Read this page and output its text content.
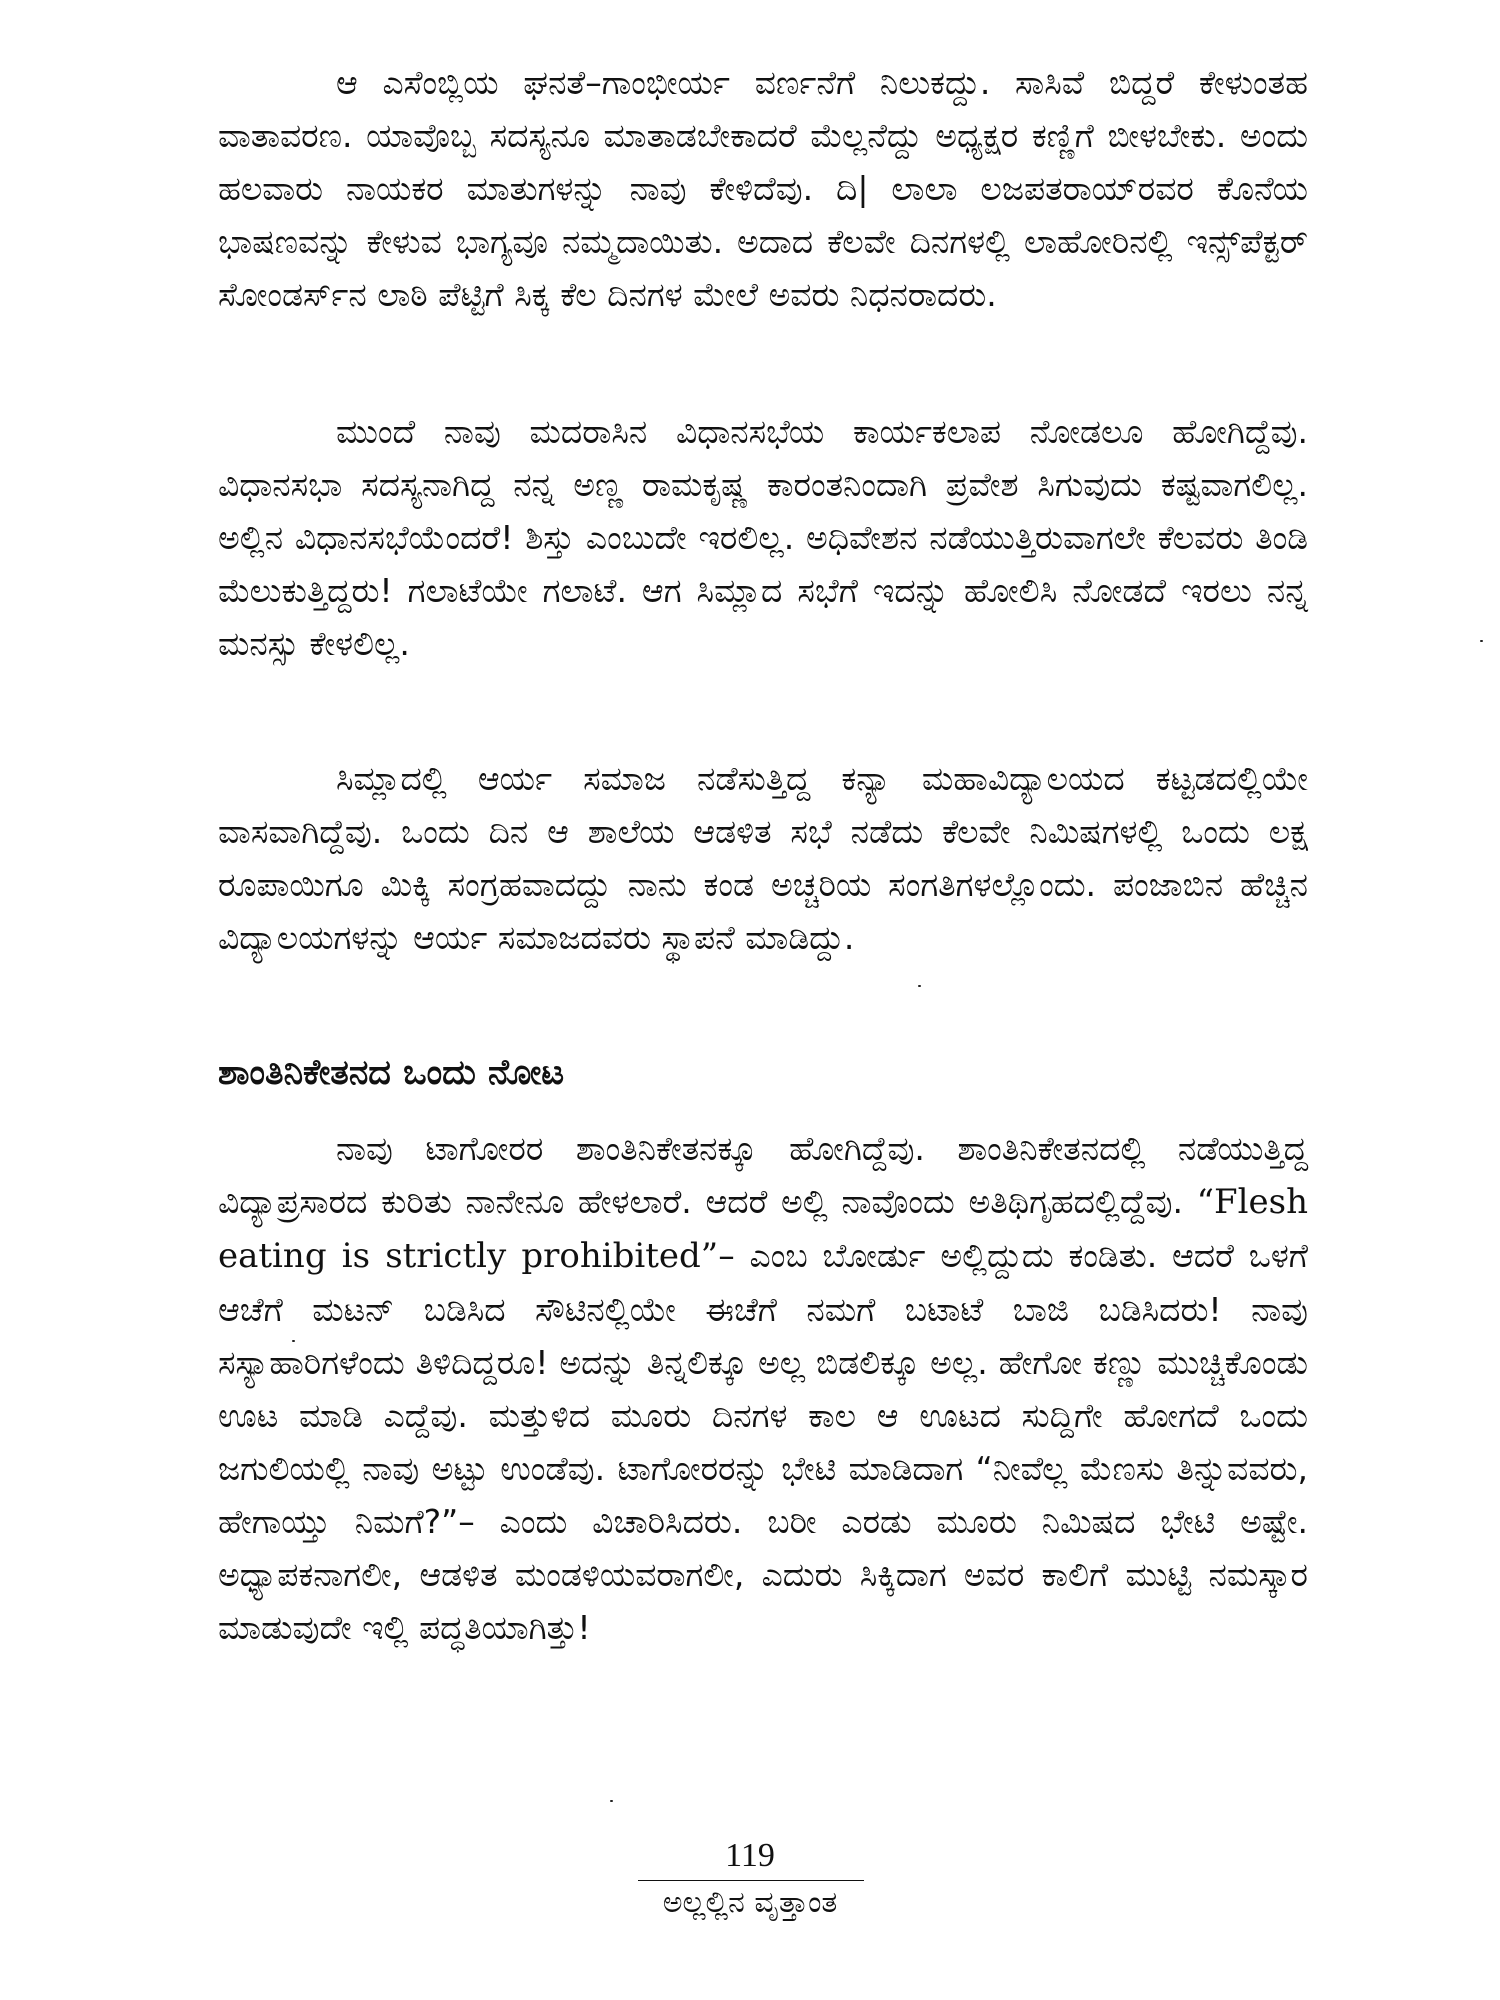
ಆ ಎಸೆಂಬ್ಲಿಯ ಘನತೆ–ಗಾಂಭೀರ್ಯ ವರ್ಣನೆಗೆ ನಿಲುಕದ್ದು. ಸಾಸಿವೆ ಬಿದ್ದರೆ ಕೇಳುಂತಹ ವಾತಾವರಣ. ಯಾವೊಬ್ಬ ಸದಸ್ಯನೂ ಮಾತಾಡಬೇಕಾದರೆ ಮೆಲ್ಲನೆದ್ದು ಅಧ್ಯಕ್ಷರ ಕಣ್ಣಿಗೆ ಬೀಳಬೇಕು. ಅಂದು ಹಲವಾರು ನಾಯಕರ ಮಾತುಗಳನ್ನು ನಾವು ಕೇಳಿದೆವು. ದಿ| ಲಾಲಾ ಲಜಪತರಾಯ್‌ರವರ ಕೊನೆಯ ಭಾಷಣವನ್ನು ಕೇಳುವ ಭಾಗ್ಯವೂ ನಮ್ಮದಾಯಿತು. ಅದಾದ ಕೆಲವೇ ದಿನಗಳಲ್ಲಿ ಲಾಹೋರಿನಲ್ಲಿ ಇನ್ಸ್‌ಪೆಕ್ಟರ್ ಸೋಂಡರ್ಸ್‌ನ ಲಾಠಿ ಪೆಟ್ಟಿಗೆ ಸಿಕ್ಕ ಕೆಲ ದಿನಗಳ ಮೇಲೆ ಅವರು ನಿಧನರಾದರು.

ಮುಂದೆ ನಾವು ಮದರಾಸಿನ ವಿಧಾನಸಭೆಯ ಕಾರ್ಯಕಲಾಪ ನೋಡಲೂ ಹೋಗಿದ್ದೆವು. ವಿಧಾನಸಭಾ ಸದಸ್ಯನಾಗಿದ್ದ ನನ್ನ ಅಣ್ಣ ರಾಮಕೃಷ್ಣ ಕಾರಂತನಿಂದಾಗಿ ಪ್ರವೇಶ ಸಿಗುವುದು ಕಷ್ಟವಾಗಲಿಲ್ಲ. ಅಲ್ಲಿನ ವಿಧಾನಸಭೆಯೆಂದರೆ! ಶಿಸ್ತು ಎಂಬುದೇ ಇರಲಿಲ್ಲ. ಅಧಿವೇಶನ ನಡೆಯುತ್ತಿರುವಾಗಲೇ ಕೆಲವರು ತಿಂಡಿ ಮೆಲುಕುತ್ತಿದ್ದರು! ಗಲಾಟೆಯೇ ಗಲಾಟೆ. ಆಗ ಸಿಮ್ಲಾದ ಸಭೆಗೆ ಇದನ್ನು ಹೋಲಿಸಿ ನೋಡದೆ ಇರಲು ನನ್ನ ಮನಸ್ಸು ಕೇಳಲಿಲ್ಲ.

ಸಿಮ್ಲಾದಲ್ಲಿ ಆರ್ಯ ಸಮಾಜ ನಡೆಸುತ್ತಿದ್ದ ಕನ್ಯಾ ಮಹಾವಿದ್ಯಾಲಯದ ಕಟ್ಟಡದಲ್ಲಿಯೇ ವಾಸವಾಗಿದ್ದೆವು. ಒಂದು ದಿನ ಆ ಶಾಲೆಯ ಆಡಳಿತ ಸಭೆ ನಡೆದು ಕೆಲವೇ ನಿಮಿಷಗಳಲ್ಲಿ ಒಂದು ಲಕ್ಷ ರೂಪಾಯಿಗೂ ಮಿಕ್ಕಿ ಸಂಗ್ರಹವಾದದ್ದು ನಾನು ಕಂಡ ಅಚ್ಚರಿಯ ಸಂಗತಿಗಳಲ್ಲೊಂದು. ಪಂಜಾಬಿನ ಹೆಚ್ಚಿನ ವಿದ್ಯಾಲಯಗಳನ್ನು ಆರ್ಯ ಸಮಾಜದವರು ಸ್ಥಾಪನೆ ಮಾಡಿದ್ದು.

ಶಾಂತಿನಿಕೇತನದ ಒಂದು ನೋಟ

ನಾವು ಟಾಗೋರರ ಶಾಂತಿನಿಕೇತನಕ್ಕೂ ಹೋಗಿದ್ದೆವು. ಶಾಂತಿನಿಕೇತನದಲ್ಲಿ ನಡೆಯುತ್ತಿದ್ದ ವಿದ್ಯಾಪ್ರಸಾರದ ಕುರಿತು ನಾನೇನೂ ಹೇಳಲಾರೆ. ಆದರೆ ಅಲ್ಲಿ ನಾವೊಂದು ಅತಿಥಿಗೃಹದಲ್ಲಿದ್ದೆವು. “Flesh eating is strictly prohibited”– ಎಂಬ ಬೋರ್ಡು ಅಲ್ಲಿದ್ದುದು ಕಂಡಿತು. ಆದರೆ ಒಳಗೆ ಆಚೆಗೆ ಮಟನ್ ಬಡಿಸಿದ ಸೌಟಿನಲ್ಲಿಯೇ ಈಚೆಗೆ ನಮಗೆ ಬಟಾಟೆ ಬಾಜಿ ಬಡಿಸಿದರು! ನಾವು ಸಸ್ಯಾಹಾರಿಗಳೆಂದು ತಿಳಿದಿದ್ದರೂ! ಅದನ್ನು ತಿನ್ನಲಿಕ್ಕೂ ಅಲ್ಲ ಬಿಡಲಿಕ್ಕೂ ಅಲ್ಲ. ಹೇಗೋ ಕಣ್ಣು ಮುಚ್ಚಿಕೊಂಡು ಊಟ ಮಾಡಿ ಎದ್ದೆವು. ಮತ್ತುಳಿದ ಮೂರು ದಿನಗಳ ಕಾಲ ಆ ಊಟದ ಸುದ್ದಿಗೇ ಹೋಗದೆ ಒಂದು ಜಗುಲಿಯಲ್ಲಿ ನಾವು ಅಟ್ಟು ಉಂಡೆವು. ಟಾಗೋರರನ್ನು ಭೇಟಿ ಮಾಡಿದಾಗ “ನೀವೆಲ್ಲ ಮೆಣಸು ತಿನ್ನುವವರು, ಹೇಗಾಯ್ತು ನಿಮಗೆ?”– ಎಂದು ವಿಚಾರಿಸಿದರು. ಬರೀ ಎರಡು ಮೂರು ನಿಮಿಷದ ಭೇಟಿ ಅಷ್ಟೇ. ಅಧ್ಯಾಪಕನಾಗಲೀ, ಆಡಳಿತ ಮಂಡಳಿಯವರಾಗಲೀ, ಎದುರು ಸಿಕ್ಕಿದಾಗ ಅವರ ಕಾಲಿಗೆ ಮುಟ್ಟಿ ನಮಸ್ಕಾರ ಮಾಡುವುದೇ ಇಲ್ಲಿ ಪದ್ಧತಿಯಾಗಿತ್ತು!

119

ಅಲ್ಲಲ್ಲಿನ ವೃತ್ತಾಂತ
